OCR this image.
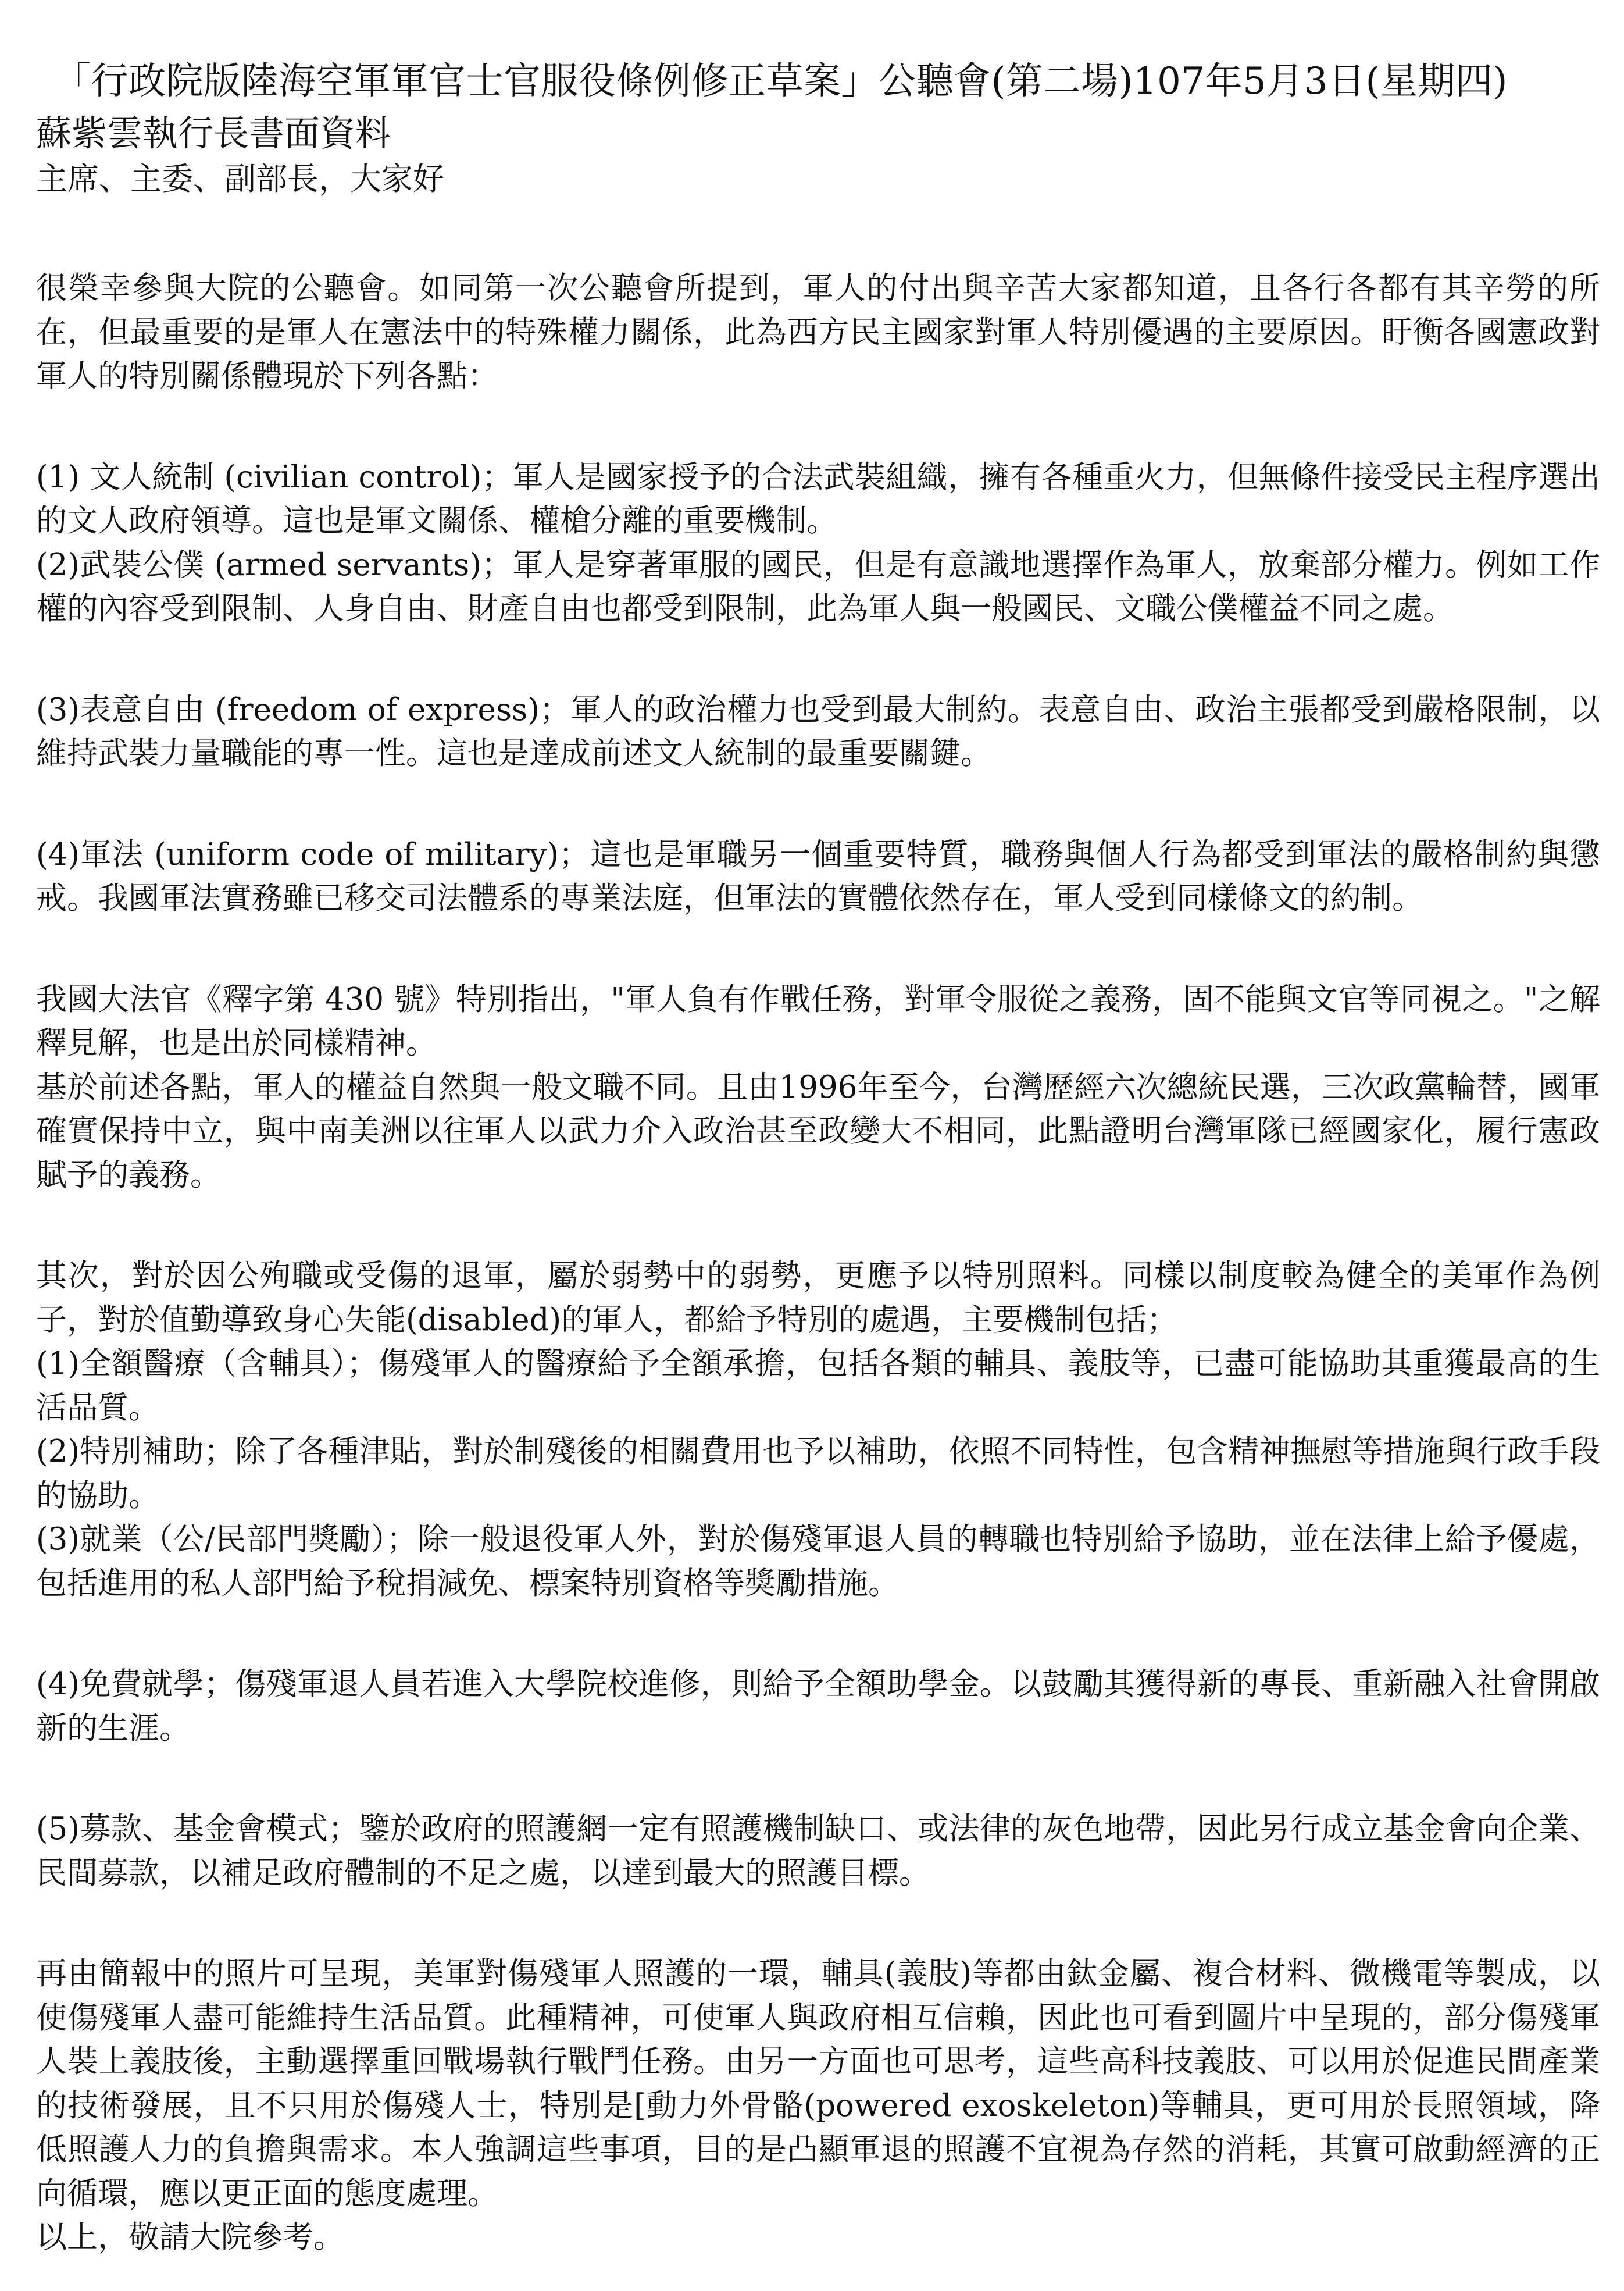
「行政院版陸海空軍軍官士官服役條例修正草案」公聽會(第二場)107年5月3日(星期四)
蘇紫雲執行長書面資料
主席、主委、副部長，大家好

很榮幸參與大院的公聽會。如同第一次公聽會所提到，軍人的付出與辛苦大家都知道，且各行各都有其辛勞的所在，但最重要的是軍人在憲法中的特殊權力關係，此為西方民主國家對軍人特別優遇的主要原因。盱衡各國憲政對軍人的特別關係體現於下列各點：

(1) 文人統制 (civilian control)；軍人是國家授予的合法武裝組織，擁有各種重火力，但無條件接受民主程序選出的文人政府領導。這也是軍文關係、權槍分離的重要機制。

(2)武裝公僕 (armed servants)；軍人是穿著軍服的國民，但是有意識地選擇作為軍人，放棄部分權力。例如工作權的內容受到限制、人身自由、財產自由也都受到限制，此為軍人與一般國民、文職公僕權益不同之處。

(3)表意自由 (freedom of express)；軍人的政治權力也受到最大制約。表意自由、政治主張都受到嚴格限制，以維持武裝力量職能的專一性。這也是達成前述文人統制的最重要關鍵。

(4)軍法 (uniform code of military)；這也是軍職另一個重要特質，職務與個人行為都受到軍法的嚴格制約與懲戒。我國軍法實務雖已移交司法體系的專業法庭，但軍法的實體依然存在，軍人受到同樣條文的約制。

我國大法官《釋字第 430 號》特別指出，"軍人負有作戰任務，對軍令服從之義務，固不能與文官等同視之。"之解釋見解，也是出於同樣精神。

基於前述各點，軍人的權益自然與一般文職不同。且由1996年至今，台灣歷經六次總統民選，三次政黨輪替，國軍確實保持中立，與中南美洲以往軍人以武力介入政治甚至政變大不相同，此點證明台灣軍隊已經國家化，履行憲政賦予的義務。

其次，對於因公殉職或受傷的退軍，屬於弱勢中的弱勢，更應予以特別照料。同樣以制度較為健全的美軍作為例子，對於值勤導致身心失能(disabled)的軍人，都給予特別的處遇，主要機制包括；

(1)全額醫療（含輔具）；傷殘軍人的醫療給予全額承擔，包括各類的輔具、義肢等，已盡可能協助其重獲最高的生活品質。

(2)特別補助；除了各種津貼，對於制殘後的相關費用也予以補助，依照不同特性，包含精神撫慰等措施與行政手段的協助。

(3)就業（公/民部門獎勵）；除一般退役軍人外，對於傷殘軍退人員的轉職也特別給予協助，並在法律上給予優處，包括進用的私人部門給予稅捐減免、標案特別資格等獎勵措施。

(4)免費就學；傷殘軍退人員若進入大學院校進修，則給予全額助學金。以鼓勵其獲得新的專長、重新融入社會開啟新的生涯。

(5)募款、基金會模式；鑒於政府的照護網一定有照護機制缺口、或法律的灰色地帶，因此另行成立基金會向企業、民間募款，以補足政府體制的不足之處，以達到最大的照護目標。

再由簡報中的照片可呈現，美軍對傷殘軍人照護的一環，輔具(義肢)等都由鈦金屬、複合材料、微機電等製成，以使傷殘軍人盡可能維持生活品質。此種精神，可使軍人與政府相互信賴，因此也可看到圖片中呈現的，部分傷殘軍人裝上義肢後，主動選擇重回戰場執行戰鬥任務。由另一方面也可思考，這些高科技義肢、可以用於促進民間產業的技術發展，且不只用於傷殘人士，特別是[動力外骨骼(powered exoskeleton)等輔具，更可用於長照領域，降低照護人力的負擔與需求。本人強調這些事項，目的是凸顯軍退的照護不宜視為存然的消耗，其實可啟動經濟的正向循環，應以更正面的態度處理。

以上，敬請大院參考。
